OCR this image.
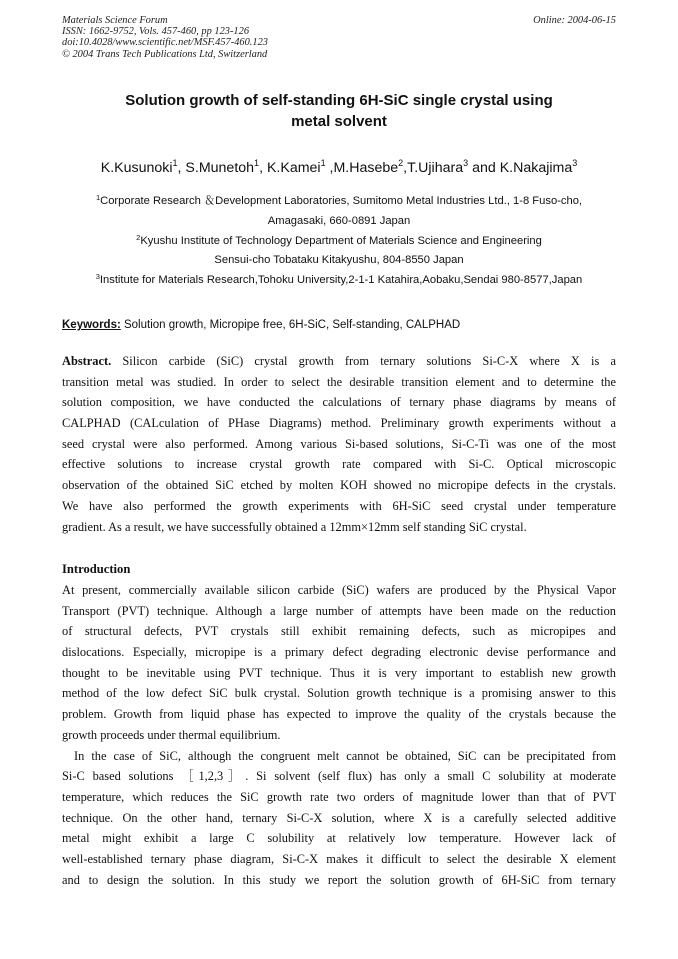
Materials Science Forum	Online: 2004-06-15
ISSN: 1662-9752, Vols. 457-460, pp 123-126
doi:10.4028/www.scientific.net/MSF.457-460.123
© 2004 Trans Tech Publications Ltd, Switzerland
Solution growth of self-standing 6H-SiC single crystal using
metal solvent
K.Kusunoki$^1$, S.Munetoh$^1$, K.Kamei$^1$ ,M.Hasebe$^2$,T.Ujihara$^3$ and K.Nakajima$^3$
$^1$Corporate Research ＆Development Laboratories, Sumitomo Metal Industries Ltd., 1-8 Fuso-cho,
Amagasaki, 660-0891 Japan
$^2$Kyushu Institute of Technology Department of Materials Science and Engineering
Sensui-cho Tobataku Kitakyushu, 804-8550 Japan
$^3$Institute for Materials Research,Tohoku University,2-1-1 Katahira,Aobaku,Sendai 980-8577,Japan
Keywords: Solution growth, Micropipe free, 6H-SiC, Self-standing, CALPHAD
Abstract. Silicon carbide (SiC) crystal growth from ternary solutions Si-C-X where X is a
transition metal was studied. In order to select the desirable transition element and to determine the
solution composition, we have conducted the calculations of ternary phase diagrams by means of
CALPHAD (CALculation of PHase Diagrams) method. Preliminary growth experiments without a
seed crystal were also performed. Among various Si-based solutions, Si-C-Ti was one of the most
effective solutions to increase crystal growth rate compared with Si-C. Optical microscopic
observation of the obtained SiC etched by molten KOH showed no micropipe defects in the crystals.
We have also performed the growth experiments with 6H-SiC seed crystal under temperature
gradient. As a result, we have successfully obtained a 12mm×12mm self standing SiC crystal.
Introduction
At present, commercially available silicon carbide (SiC) wafers are produced by the Physical Vapor
Transport (PVT) technique. Although a large number of attempts have been made on the reduction
of structural defects, PVT crystals still exhibit remaining defects, such as micropipes and
dislocations. Especially, micropipe is a primary defect degrading electronic devise performance and
thought to be inevitable using PVT technique. Thus it is very important to establish new growth
method of the low defect SiC bulk crystal. Solution growth technique is a promising answer to this
problem. Growth from liquid phase has expected to improve the quality of the crystals because the
growth proceeds under thermal equilibrium.
In the case of SiC, although the congruent melt cannot be obtained, SiC can be precipitated from
Si-C based solutions ［1,2,3］. Si solvent (self flux) has only a small C solubility at moderate
temperature, which reduces the SiC growth rate two orders of magnitude lower than that of PVT
technique. On the other hand, ternary Si-C-X solution, where X is a carefully selected additive
metal might exhibit a large C solubility at relatively low temperature. However lack of
well-established ternary phase diagram, Si-C-X makes it difficult to select the desirable X element
and to design the solution. In this study we report the solution growth of 6H-SiC from ternary
